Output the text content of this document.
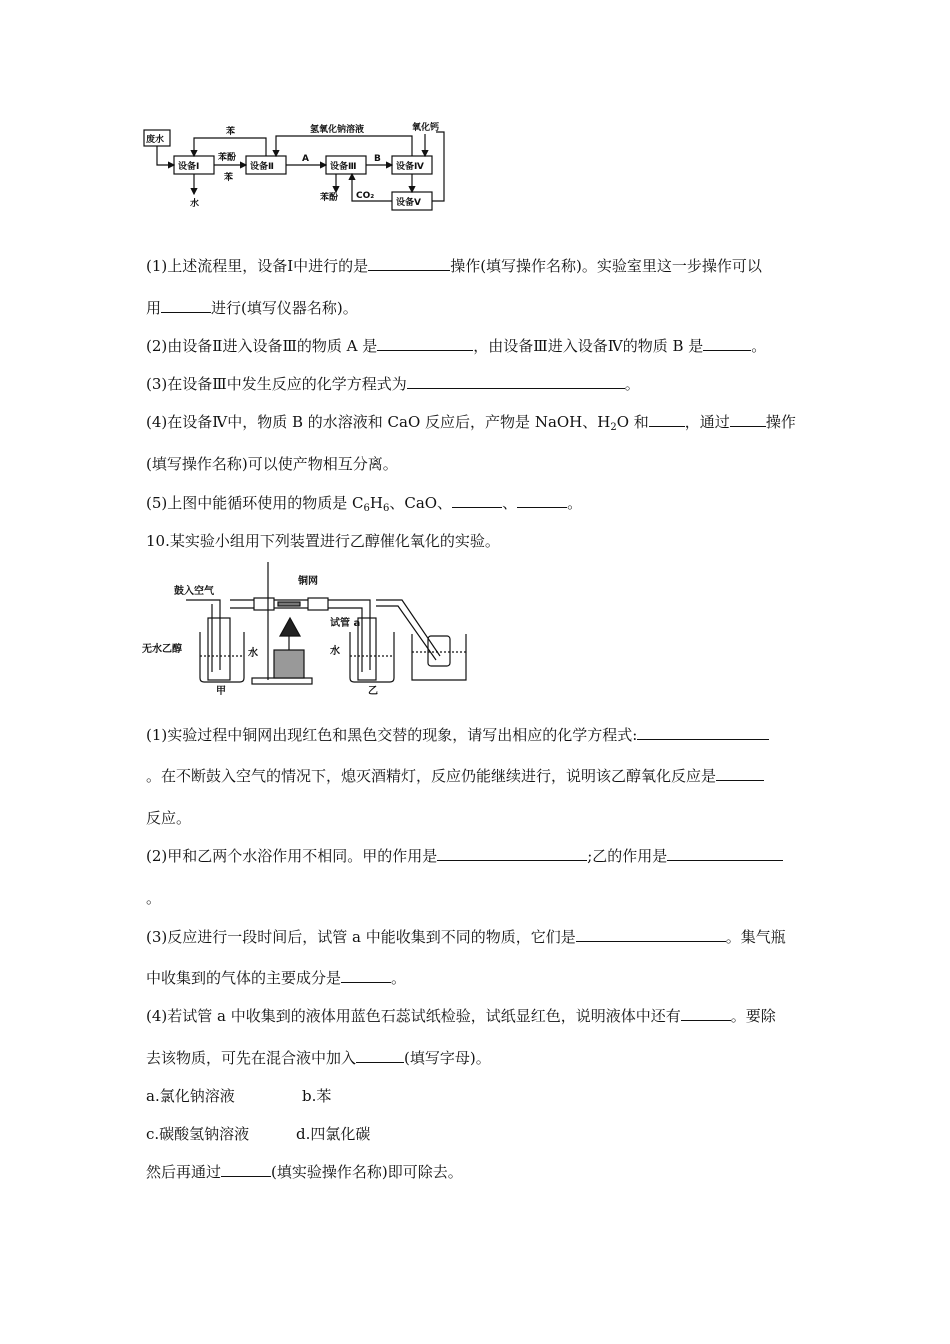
废水
设备Ⅰ	设备Ⅱ	设备Ⅲ	设备Ⅳ
设备Ⅴ
苯
苯酚
苯
水
氢氧化钠溶液	氧化钙
A	B
苯酚 CO₂
(1)上述流程里，设备Ⅰ中进行的是	操作(填写操作名称)。实验室里这一步操作可以
用	进行(填写仪器名称)。
(2)由设备Ⅱ进入设备Ⅲ的物质 A 是	，由设备Ⅲ进入设备Ⅳ的物质 B 是	。
(3)在设备Ⅲ中发生反应的化学方程式为	。
(4)在设备Ⅳ中，物质 B 的水溶液和 CaO 反应后，产物是 NaOH、$H_2O$ 和 ，通过 操作
(填写操作名称)可以使产物相互分离。
(5)上图中能循环使用的物质是 $C_6H_6$、CaO、	、	。
10.某实验小组用下列装置进行乙醇催化氧化的实验。
鼓入空气
铜网
无水乙醇	水
试管 a
水
甲	乙
(1)实验过程中铜网出现红色和黑色交替的现象，请写出相应的化学方程式:
。在不断鼓入空气的情况下，熄灭酒精灯，反应仍能继续进行，说明该乙醇氧化反应是
反应。
(2)甲和乙两个水浴作用不相同。甲的作用是	;乙的作用是
。
(3)反应进行一段时间后，试管 a 中能收集到不同的物质，它们是	。集气瓶
中收集到的气体的主要成分是	。
(4)若试管 a 中收集到的液体用蓝色石蕊试纸检验，试纸显红色，说明液体中还有	。要除
去该物质，可先在混合液中加入	(填写字母)。
a.氯化钠溶液	b.苯
c.碳酸氢钠溶液	d.四氯化碳
然后再通过	(填实验操作名称)即可除去。
